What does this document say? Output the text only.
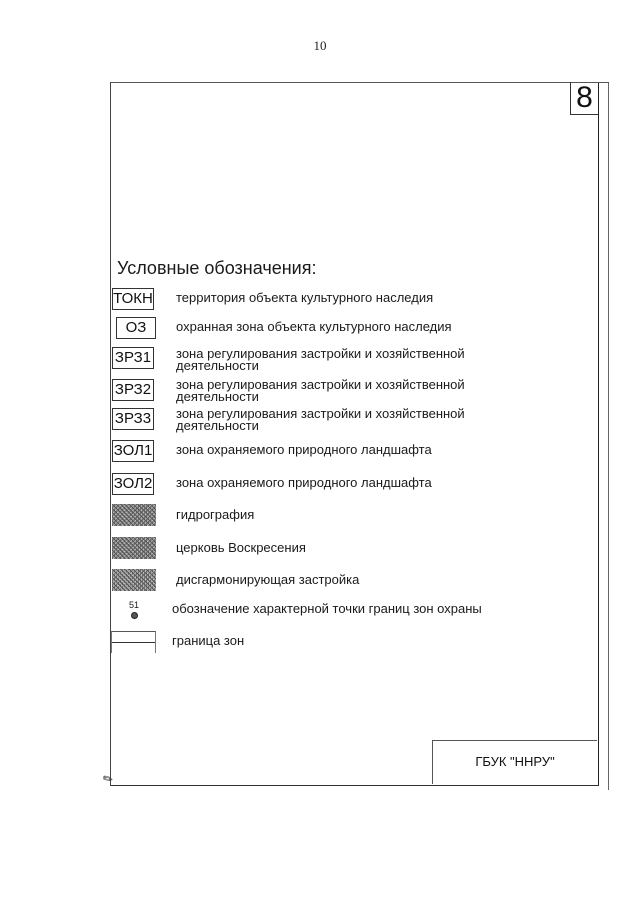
10
8
Условные обозначения:
ТОКН территория объекта культурного наследия
ОЗ	охранная зона объекта культурного наследия
ЗРЗ1 зона регулирования застройки и хозяйственной деятельности
ЗРЗ2 зона регулирования застройки и хозяйственной деятельности
ЗРЗ3 зона регулирования застройки и хозяйственной деятельности
ЗОЛ1 зона охраняемого природного ландшафта
ЗОЛ2 зона охраняемого природного ландшафта
гидрография
церковь Воскресения
дисгармонирующая застройка
51	обозначение характерной точки границ зон охраны
граница зон
ГБУК "ННРУ"
✎
